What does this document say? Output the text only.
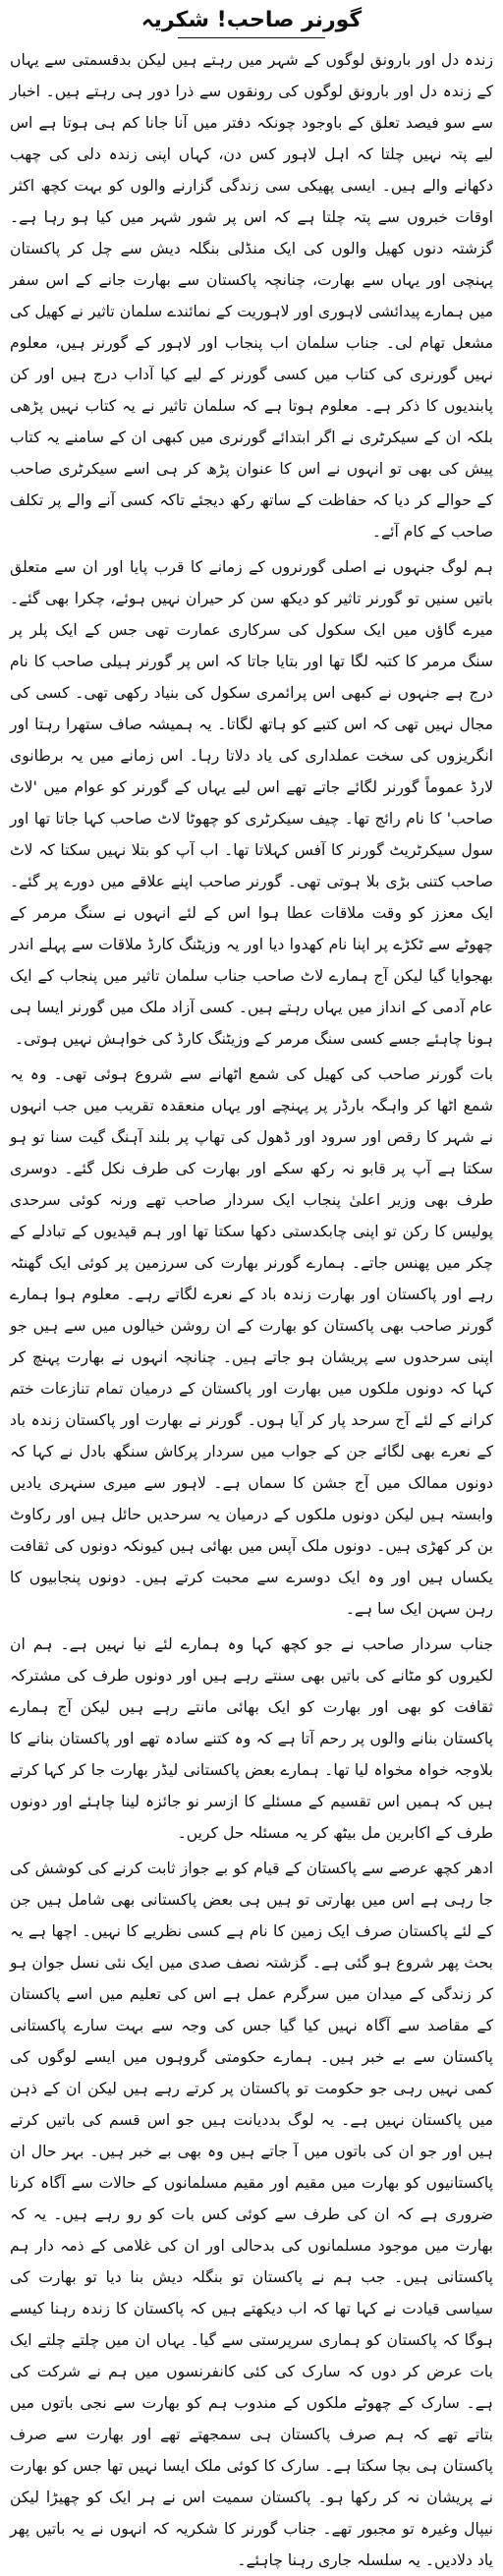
گورنر صاحب! شکریہ

زندہ دل اور بارونق لوگوں کے شہر میں رہتے ہیں لیکن بدقسمتی سے یہاں کے زندہ دل اور بارونق لوگوں کی رونقوں سے ذرا دور ہی رہتے ہیں۔ اخبار سے سو فیصد تعلق کے باوجود چونکہ دفتر میں آنا جانا کم ہی ہوتا ہے اس لیے پتہ نہیں چلتا کہ اہل لاہور کس دن، کہاں اپنی زندہ دلی کی چھب دکھانے والے ہیں۔ ایسی پھیکی سی زندگی گزارنے والوں کو بہت کچھ اکثر اوقات خبروں سے پتہ چلتا ہے کہ اس پر شور شہر میں کیا ہو رہا ہے۔ گزشتہ دنوں کھیل والوں کی ایک منڈلی بنگلہ دیش سے چل کر پاکستان پہنچی اور یہاں سے بھارت، چنانچہ پاکستان سے بھارت جانے کے اس سفر میں ہمارے پیدائشی لاہوری اور لاہوریت کے نمائندے سلمان تاثیر نے کھیل کی مشعل تھام لی۔ جناب سلمان اب پنجاب اور لاہور کے گورنر ہیں، معلوم نہیں گورنری کی کتاب میں کسی گورنر کے لیے کیا آداب درج ہیں اور کن پابندیوں کا ذکر ہے۔ معلوم ہوتا ہے کہ سلمان تاثیر نے یہ کتاب نہیں پڑھی بلکہ ان کے سیکرٹری نے اگر ابتدائے گورنری میں کبھی ان کے سامنے یہ کتاب پیش کی بھی تو انہوں نے اس کا عنوان پڑھ کر ہی اسے سیکرٹری صاحب کے حوالے کر دیا کہ حفاظت کے ساتھ رکھ دیجئے تاکہ کسی آنے والے پر تکلف صاحب کے کام آئے۔

ہم لوگ جنہوں نے اصلی گورنروں کے زمانے کا قرب پایا اور ان سے متعلق باتیں سنیں تو گورنر تاثیر کو دیکھ سن کر حیران نہیں ہوئے، چکرا بھی گئے۔ میرے گاؤں میں ایک سکول کی سرکاری عمارت تھی جس کے ایک پلر پر سنگ مرمر کا کتبہ لگا تھا اور بتایا جاتا کہ اس پر گورنر ہیلی صاحب کا نام درج ہے جنہوں نے کبھی اس پرائمری سکول کی بنیاد رکھی تھی۔ کسی کی مجال نہیں تھی کہ اس کتبے کو ہاتھ لگاتا۔ یہ ہمیشہ صاف ستھرا رہتا اور انگریزوں کی سخت عملداری کی یاد دلاتا رہا۔ اس زمانے میں یہ برطانوی لارڈ عموماً گورنر لگائے جاتے تھے اس لیے یہاں کے گورنر کو عوام میں 'لاٹ صاحب' کا نام رائج تھا۔ چیف سیکرٹری کو چھوٹا لاٹ صاحب کہا جاتا تھا اور سول سیکرٹریٹ گورنر کا آفس کہلاتا تھا۔ اب آپ کو بتلا نہیں سکتا کہ لاٹ صاحب کتنی بڑی بلا ہوتی تھی۔ گورنر صاحب اپنے علاقے میں دورے پر گئے۔ ایک معزز کو وقت ملاقات عطا ہوا اس کے لئے انہوں نے سنگ مرمر کے چھوٹے سے ٹکڑے پر اپنا نام کھدوا دیا اور یہ وزیٹنگ کارڈ ملاقات سے پہلے اندر بھجوایا گیا لیکن آج ہمارے لاٹ صاحب جناب سلمان تاثیر میں پنجاب کے ایک عام آدمی کے انداز میں یہاں رہتے ہیں۔ کسی آزاد ملک میں گورنر ایسا ہی ہونا چاہئے جسے کسی سنگ مرمر کے وزیٹنگ کارڈ کی خواہش نہیں ہوتی۔

بات گورنر صاحب کی کھیل کی شمع اٹھانے سے شروع ہوئی تھی۔ وہ یہ شمع اٹھا کر واہگہ بارڈر پر پہنچے اور یہاں منعقدہ تقریب میں جب انہوں نے شہر کا رقص اور سرود اور ڈھول کی تھاپ پر بلند آہنگ گیت سنا تو ہو سکتا ہے آپ پر قابو نہ رکھ سکے اور بھارت کی طرف نکل گئے۔ دوسری طرف بھی وزیر اعلیٰ پنجاب ایک سردار صاحب تھے ورنہ کوئی سرحدی پولیس کا رکن تو اپنی چابکدستی دکھا سکتا تھا اور ہم قیدیوں کے تبادلے کے چکر میں پھنس جاتے۔ ہمارے گورنر بھارت کی سرزمین پر کوئی ایک گھنٹہ رہے اور پاکستان اور بھارت زندہ باد کے نعرے لگاتے رہے۔ معلوم ہوا ہمارے گورنر صاحب بھی پاکستان کو بھارت کے ان روشن خیالوں میں سے ہیں جو اپنی سرحدوں سے پریشان ہو جاتے ہیں۔ چنانچہ انہوں نے بھارت پہنچ کر کہا کہ دونوں ملکوں میں بھارت اور پاکستان کے درمیان تمام تنازعات ختم کرانے کے لئے آج سرحد پار کر آیا ہوں۔ گورنر نے بھارت اور پاکستان زندہ باد کے نعرے بھی لگائے جن کے جواب میں سردار پرکاش سنگھ بادل نے کہا کہ دونوں ممالک میں آج جشن کا سماں ہے۔ لاہور سے میری سنہری یادیں وابستہ ہیں لیکن دونوں ملکوں کے درمیان یہ سرحدیں حائل ہیں اور رکاوٹ بن کر کھڑی ہیں۔ دونوں ملک آپس میں بھائی ہیں کیونکہ دونوں کی ثقافت یکساں ہیں اور وہ ایک دوسرے سے محبت کرتے ہیں۔ دونوں پنجابیوں کا رہن سہن ایک سا ہے۔

جناب سردار صاحب نے جو کچھ کہا وہ ہمارے لئے نیا نہیں ہے۔ ہم ان لکیروں کو مٹانے کی باتیں بھی سنتے رہے ہیں اور دونوں طرف کی مشترکہ ثقافت کو بھی اور بھارت کو ایک بھائی مانتے رہے ہیں لیکن آج ہمارے پاکستان بنانے والوں پر رحم آتا ہے کہ وہ کتنے سادہ تھے اور پاکستان بنانے کا بلاوجہ خواہ مخواہ لیا تھا۔ ہمارے بعض پاکستانی لیڈر بھارت جا کر کہا کرتے ہیں کہ ہمیں اس تقسیم کے مسئلے کا ازسر نو جائزہ لینا چاہئے اور دونوں طرف کے اکابرین مل بیٹھ کر یہ مسئلہ حل کریں۔

ادھر کچھ عرصے سے پاکستان کے قیام کو بے جواز ثابت کرنے کی کوشش کی جا رہی ہے اس میں بھارتی تو ہیں ہی بعض پاکستانی بھی شامل ہیں جن کے لئے پاکستان صرف ایک زمین کا نام ہے کسی نظریے کا نہیں۔ اچھا ہے یہ بحث پھر شروع ہو گئی ہے۔ گزشتہ نصف صدی میں ایک نئی نسل جوان ہو کر زندگی کے میدان میں سرگرم عمل ہے اس کی تعلیم میں اسے پاکستان کے مقاصد سے آگاہ نہیں کیا گیا جس کی وجہ سے بہت سارے پاکستانی پاکستان سے بے خبر ہیں۔ ہمارے حکومتی گروہوں میں ایسے لوگوں کی کمی نہیں رہی جو حکومت تو پاکستان پر کرتے رہے ہیں لیکن ان کے ذہن میں پاکستان نہیں ہے۔ یہ لوگ بددیانت ہیں جو اس قسم کی باتیں کرتے ہیں اور جو ان کی باتوں میں آ جاتے ہیں وہ بھی بے خبر ہیں۔ بہر حال ان پاکستانیوں کو بھارت میں مقیم اور مقیم مسلمانوں کے حالات سے آگاہ کرنا ضروری ہے کہ ان کی طرف سے کوئی کس بات کو رو رہے ہیں۔ یہ کہ بھارت میں موجود مسلمانوں کی بدحالی اور ان کی غلامی کے ذمہ دار ہم پاکستانی ہیں۔ جب ہم نے پاکستان تو بنگلہ دیش بنا دیا تو بھارت کی سیاسی قیادت نے کہا تھا کہ اب دیکھتے ہیں کہ پاکستان کا زندہ رہنا کیسے ہوگا کہ پاکستان کو ہماری سرپرستی سے گیا۔ یہاں ان میں چلتے چلتے ایک بات عرض کر دوں کہ سارک کی کئی کانفرنسوں میں ہم نے شرکت کی ہے۔ سارک کے چھوٹے ملکوں کے مندوب ہم کو بھارت سے نجی باتوں میں بتاتے تھے کہ ہم صرف پاکستان ہی سمجھتے تھے اور بھارت سے صرف پاکستان ہی بچا سکتا ہے۔ سارک کا کوئی ملک ایسا نہیں تھا جس کو بھارت نے پریشان نہ کر رکھا ہو۔ پاکستان سمیت اس نے ہر ایک کو چھیڑا لیکن نیپال وغیرہ تو مجبور تھے۔ جناب گورنر کا شکریہ کہ انہوں نے یہ باتیں پھر یاد دلادیں۔ یہ سلسلہ جاری رہنا چاہئے۔
